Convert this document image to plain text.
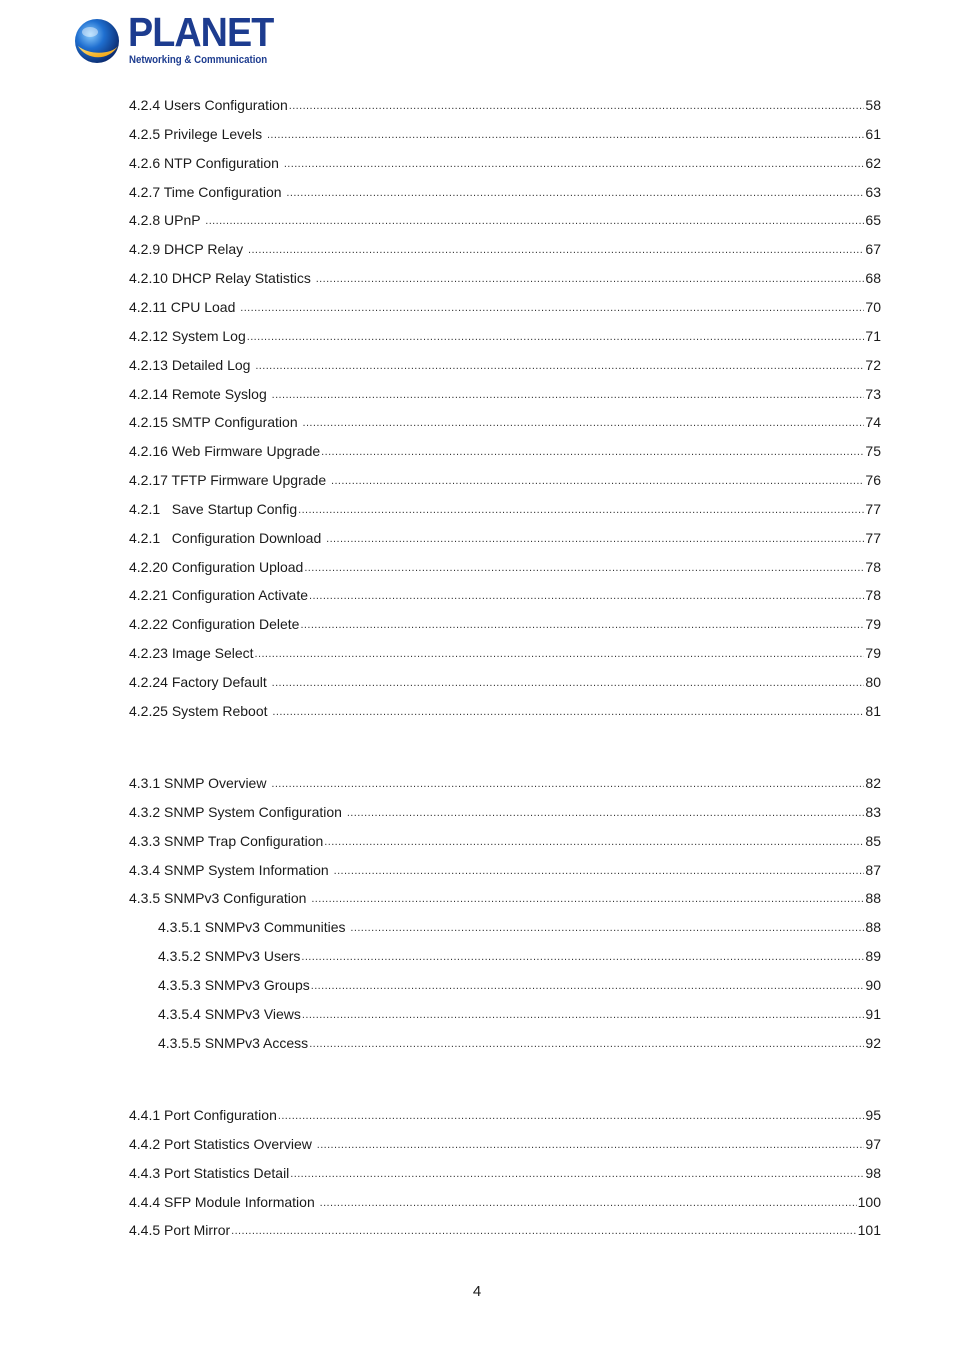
PLANET
Networking & Communication
4.2.4 Users Configuration .....	58
4.2.5 Privilege Levels .....	61
4.2.6 NTP Configuration .....	62
4.2.7 Time Configuration .....	63
4.2.8 UPnP .....	65
4.2.9 DHCP Relay .....	67
4.2.10 DHCP Relay Statistics .....	68
4.2.11 CPU Load .....	70
4.2.12 System Log .....	71
4.2.13 Detailed Log .....	72
4.2.14 Remote Syslog .....	73
4.2.15 SMTP Configuration .....	74
4.2.16 Web Firmware Upgrade .....	75
4.2.17 TFTP Firmware Upgrade .....	76
4.2.1   Save Startup Config .....	77
4.2.1   Configuration Download .....	77
4.2.20 Configuration Upload .....	78
4.2.21 Configuration Activate .....	78
4.2.22 Configuration Delete .....	79
4.2.23 Image Select .....	79
4.2.24 Factory Default .....	80
4.2.25 System Reboot .....	81
4.3.1 SNMP Overview .....	82
4.3.2 SNMP System Configuration .....	83
4.3.3 SNMP Trap Configuration .....	85
4.3.4 SNMP System Information .....	87
4.3.5 SNMPv3 Configuration .....	88
4.3.5.1 SNMPv3 Communities .....	88
4.3.5.2 SNMPv3 Users .....	89
4.3.5.3 SNMPv3 Groups .....	90
4.3.5.4 SNMPv3 Views .....	91
4.3.5.5 SNMPv3 Access .....	92
4.4.1 Port Configuration .....	95
4.4.2 Port Statistics Overview .....	97
4.4.3 Port Statistics Detail .....	98
4.4.4 SFP Module Information .....	100
4.4.5 Port Mirror .....	101
4
